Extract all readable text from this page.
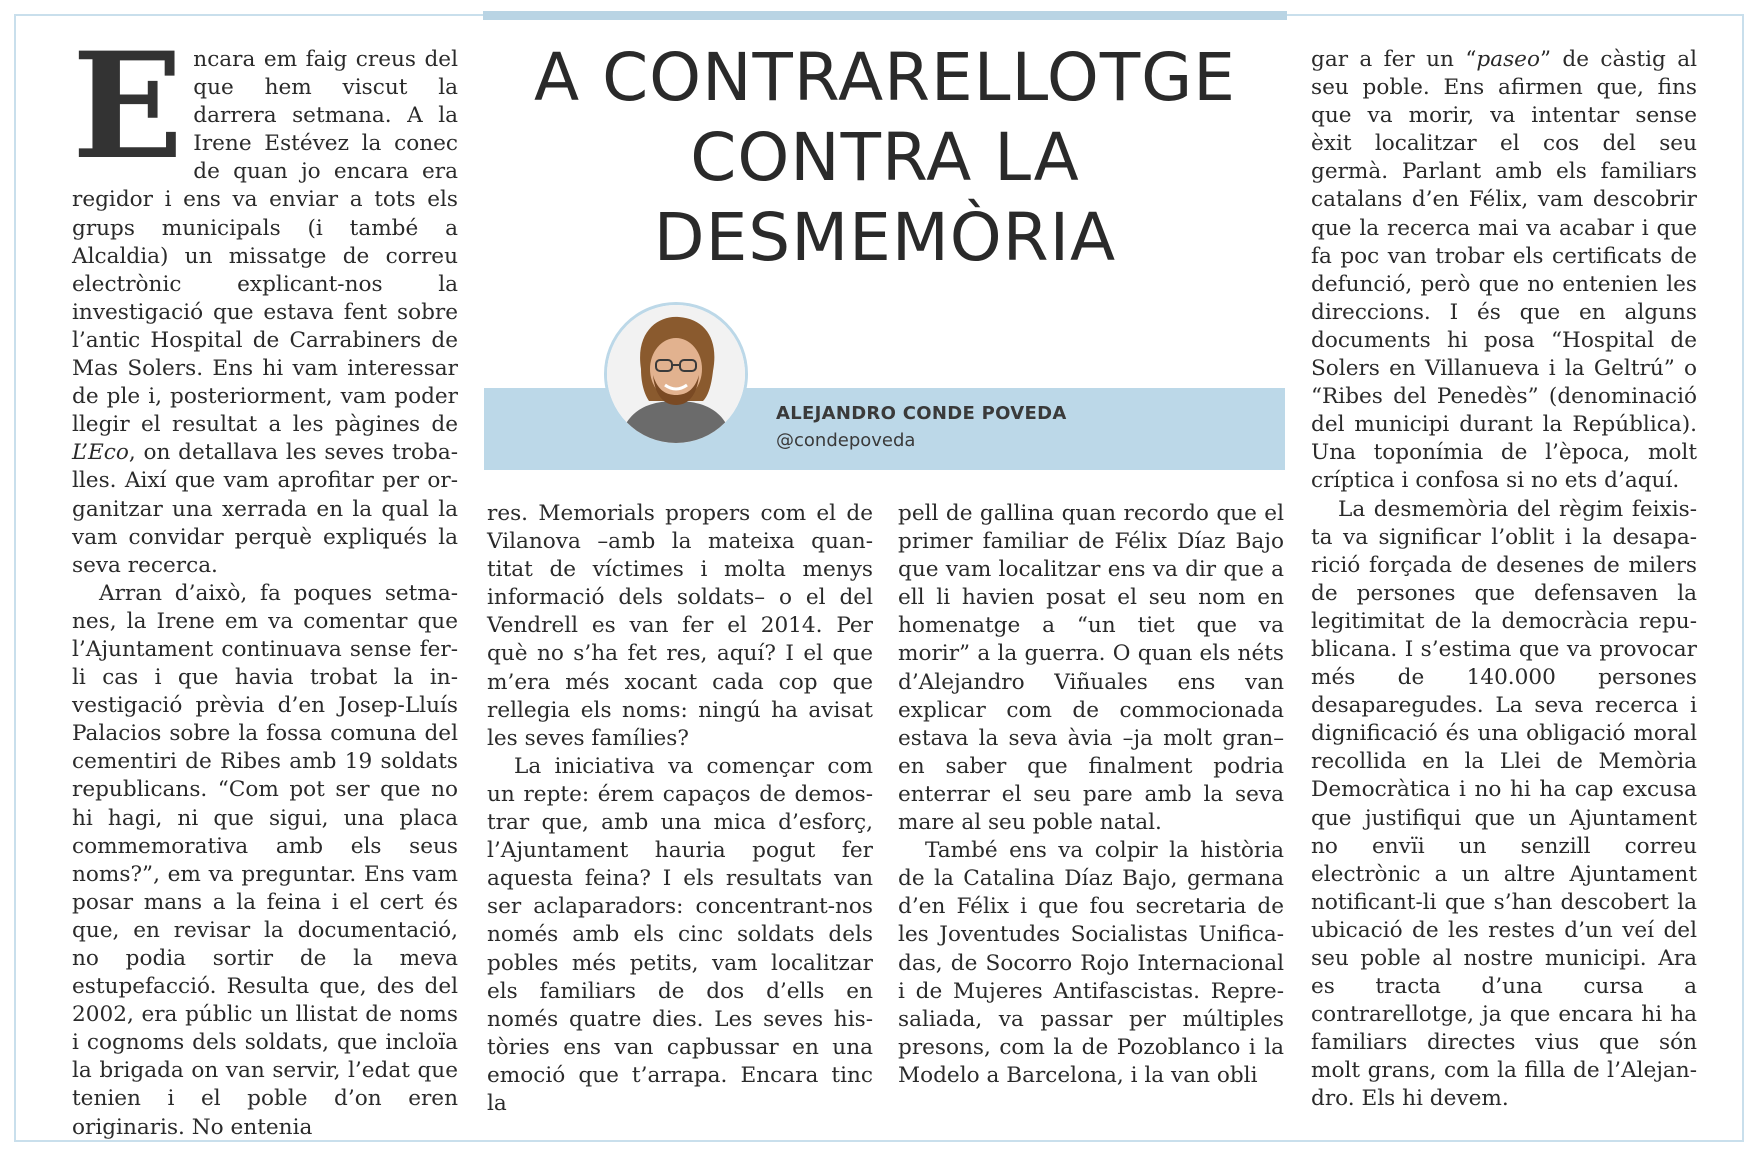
A CONTRARELLOTGE
CONTRA LA
DESMEMÒRIA
ALEJANDRO CONDE POVEDA
@condepoveda
E ncara em faig creus del que hem viscut la darrera setmana. A la Irene Estévez la conec de quan jo encara era regidor i ens va enviar a tots els grups municipals (i també a Alcaldia) un missatge de correu electrònic explicant-nos la investigació que estava fent sobre l’antic Hospital de Carrabiners de Mas Solers. Ens hi vam interessar de ple i, posteriorment, vam poder llegir el resultat a les pàgines de L’Eco, on detallava les seves troballes. Així que vam aprofitar per organitzar una xerrada en la qual la vam convidar perquè expliqués la seva recerca.

Arran d’això, fa poques setmanes, la Irene em va comentar que l’Ajuntament continuava sense fer-li cas i que havia trobat la investigació prèvia d’en Josep-Lluís Palacios sobre la fossa comuna del cementiri de Ribes amb 19 soldats republicans. “Com pot ser que no hi hagi, ni que sigui, una placa commemorativa amb els seus noms?”, em va preguntar. Ens vam posar mans a la feina i el cert és que, en revisar la documentació, no podia sortir de la meva estupefacció. Resulta que, des del 2002, era públic un llistat de noms i cognoms dels soldats, que incloïa la brigada on van servir, l’edat que tenien i el poble d’on eren originaris. No entenia

res. Memorials propers com el de Vilanova –amb la mateixa quantitat de víctimes i molta menys informació dels soldats– o el del Vendrell es van fer el 2014. Per què no s’ha fet res, aquí? I el que m’era més xocant cada cop que rellegia els noms: ningú ha avisat les seves famílies?

La iniciativa va començar com un repte: érem capaços de demostrar que, amb una mica d’esforç, l’Ajuntament hauria pogut fer aquesta feina? I els resultats van ser aclaparadors: concentrant-nos només amb els cinc soldats dels pobles més petits, vam localitzar els familiars de dos d’ells en només quatre dies. Les seves històries ens van capbussar en una emoció que t’arrapa. Encara tinc la

pell de gallina quan recordo que el primer familiar de Félix Díaz Bajo que vam localitzar ens va dir que a ell li havien posat el seu nom en homenatge a “un tiet que va morir” a la guerra. O quan els néts d’Alejandro Viñuales ens van explicar com de commocionada estava la seva àvia –ja molt gran– en saber que finalment podria enterrar el seu pare amb la seva mare al seu poble natal.

També ens va colpir la història de la Catalina Díaz Bajo, germana d’en Félix i que fou secretaria de les Joventudes Socialistas Unificadas, de Socorro Rojo Internacional i de Mujeres Antifascistas. Represaliada, va passar per múltiples presons, com la de Pozoblanco i la Modelo a Barcelona, i la van obli

gar a fer un “paseo” de càstig al seu poble. Ens afirmen que, fins que va morir, va intentar sense èxit localitzar el cos del seu germà. Parlant amb els familiars catalans d’en Félix, vam descobrir que la recerca mai va acabar i que fa poc van trobar els certificats de defunció, però que no entenien les direccions. I és que en alguns documents hi posa “Hospital de Solers en Villanueva i la Geltrú” o “Ribes del Penedès” (denominació del municipi durant la República). Una toponímia de l’època, molt críptica i confosa si no ets d’aquí.

La desmemòria del règim feixista va significar l’oblit i la desaparició forçada de desenes de milers de persones que defensaven la legitimitat de la democràcia republicana. I s’estima que va provocar més de 140.000 persones desaparegudes. La seva recerca i dignificació és una obligació moral recollida en la Llei de Memòria Democràtica i no hi ha cap excusa que justifiqui que un Ajuntament no envïi un senzill correu electrònic a un altre Ajuntament notificant-li que s’han descobert la ubicació de les restes d’un veí del seu poble al nostre municipi. Ara es tracta d’una cursa a contrarellotge, ja que encara hi ha familiars directes vius que són molt grans, com la filla de l’Alejandro. Els hi devem.
